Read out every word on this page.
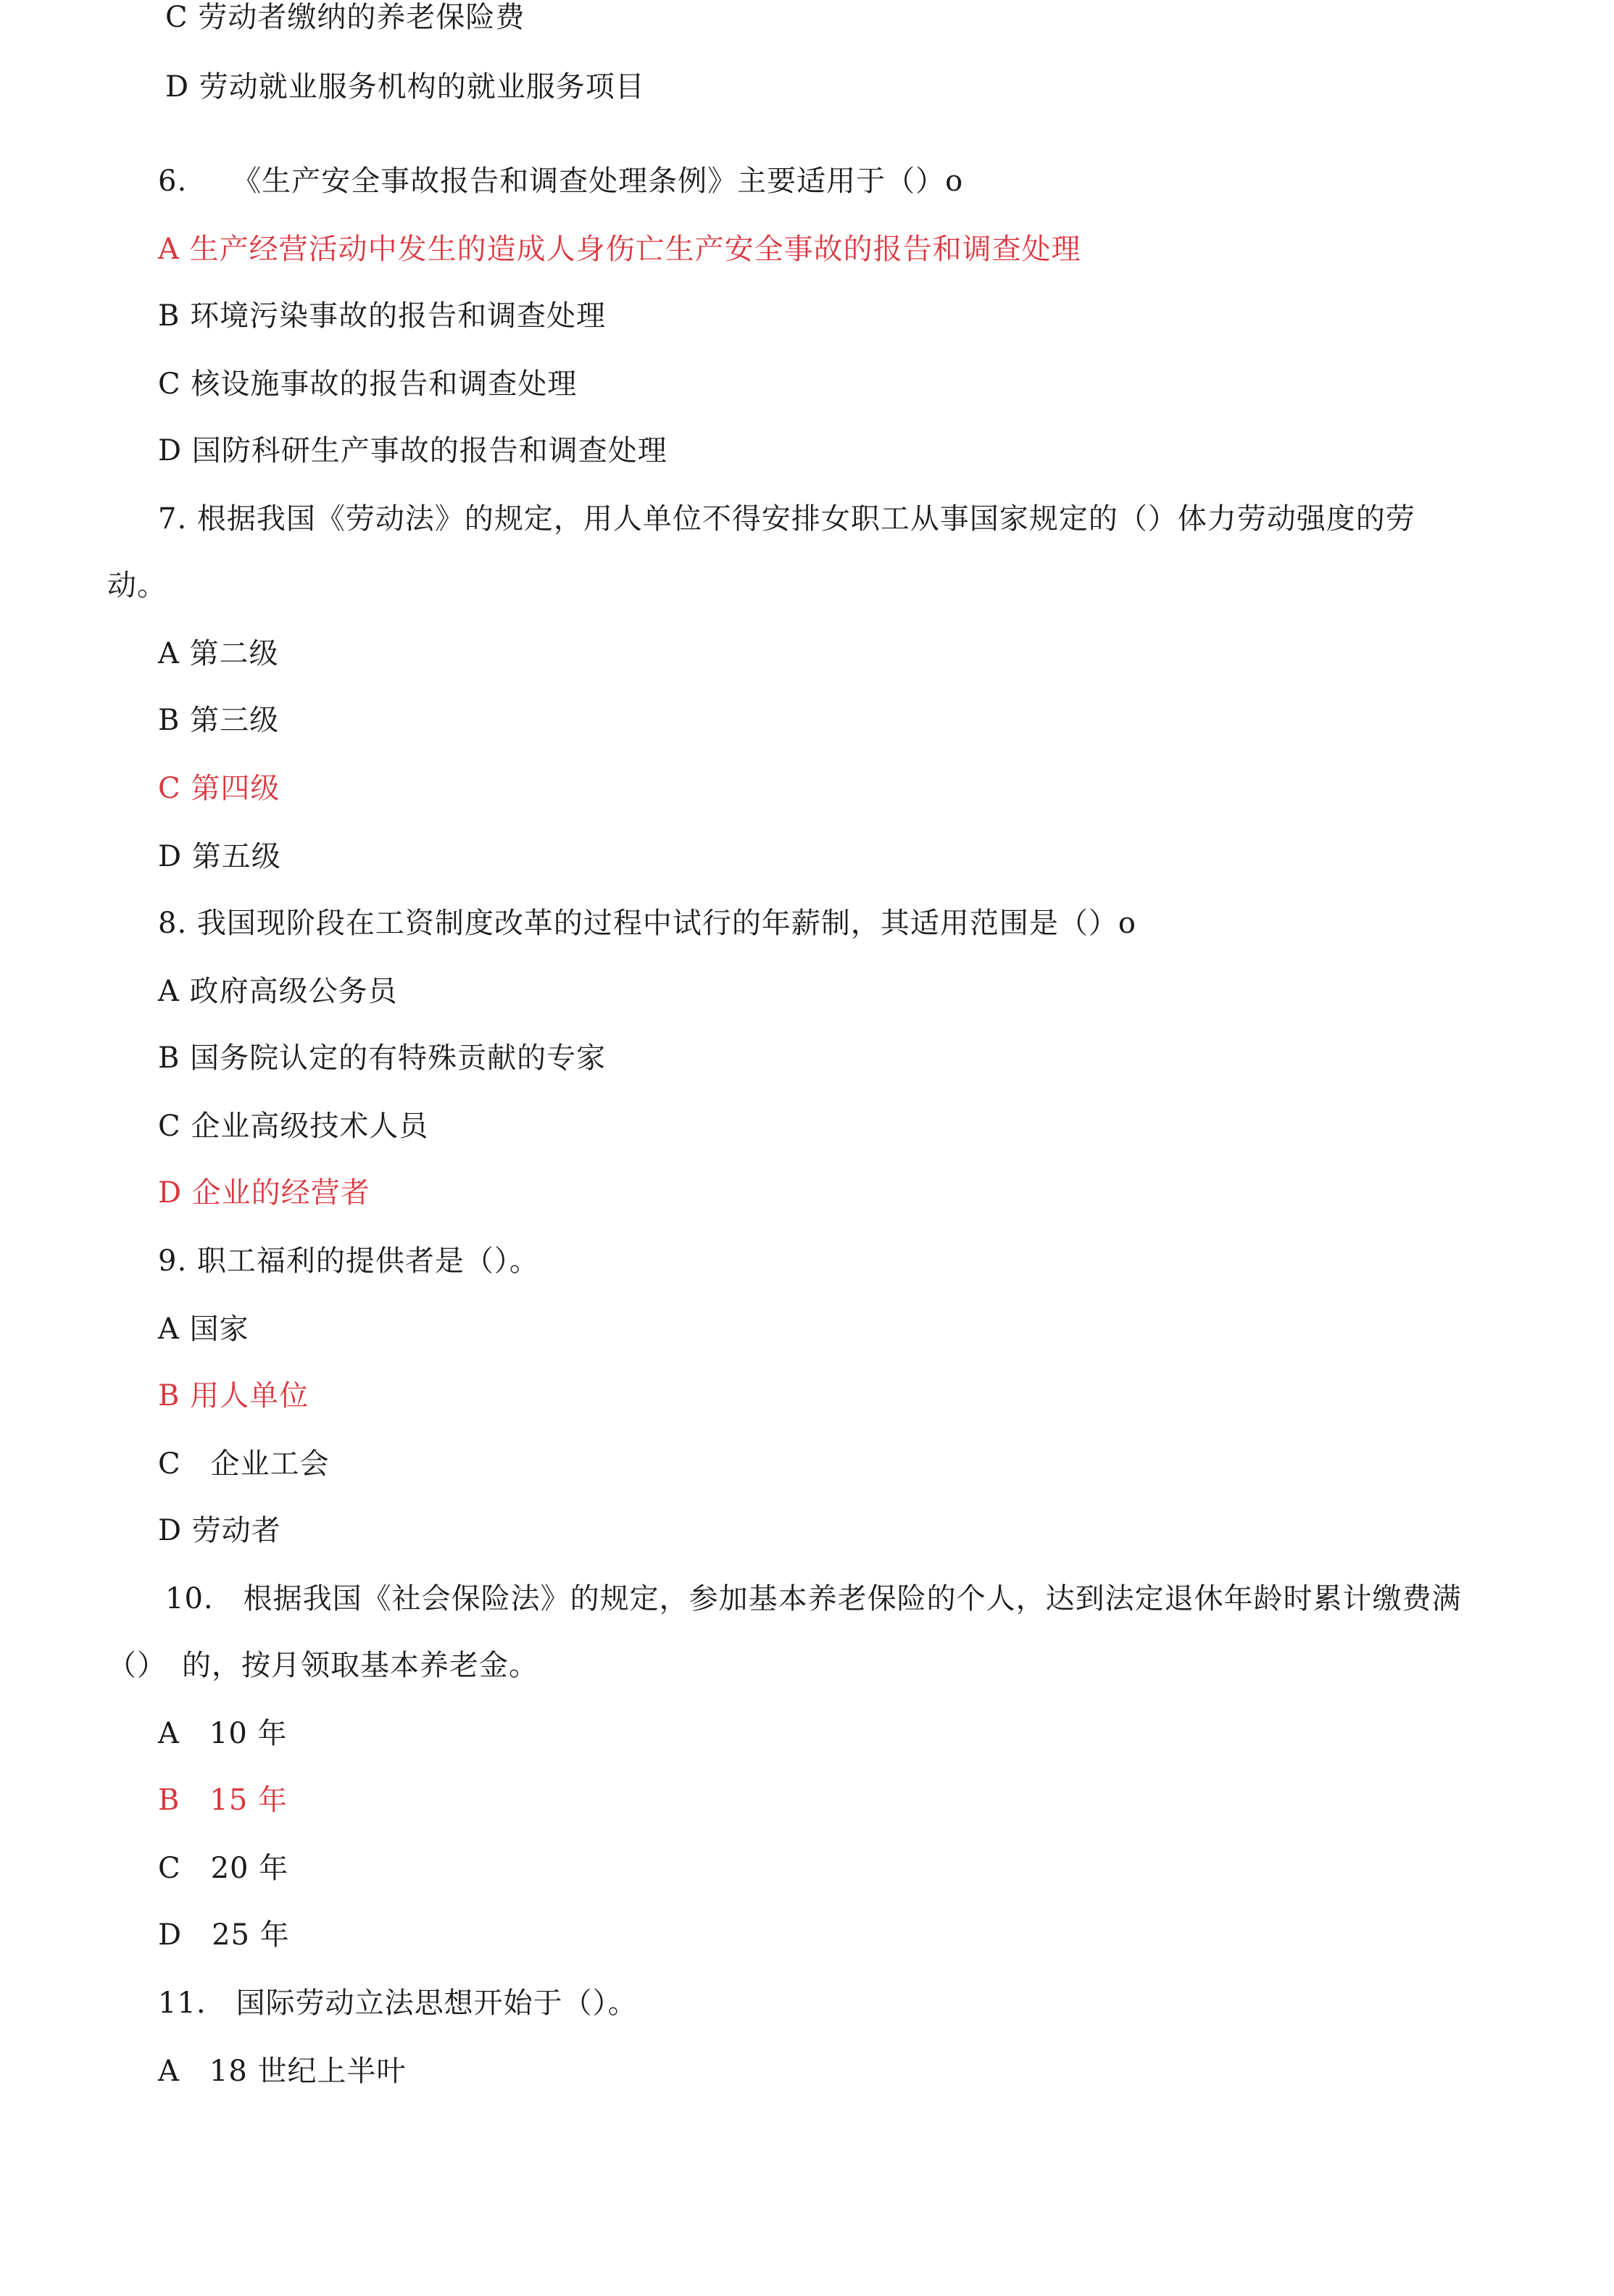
C 劳动者缴纳的养老保险费
D 劳动就业服务机构的就业服务项目
6.　　《生产安全事故报告和调查处理条例》主要适用于（）o
A 生产经营活动中发生的造成人身伤亡生产安全事故的报告和调查处理
B 环境污染事故的报告和调查处理
C 核设施事故的报告和调查处理
D 国防科研生产事故的报告和调查处理
7. 根据我国《劳动法》的规定，用人单位不得安排女职工从事国家规定的（）体力劳动强度的劳
动。
A 第二级
B 第三级
C 第四级
D 第五级
8. 我国现阶段在工资制度改革的过程中试行的年薪制，其适用范围是（）o
A 政府高级公务员
B 国务院认定的有特殊贡献的专家
C 企业高级技术人员
D 企业的经营者
9. 职工福利的提供者是（）。
A 国家
B 用人单位
C　企业工会
D 劳动者
10.　根据我国《社会保险法》的规定，参加基本养老保险的个人，达到法定退休年龄时累计缴费满
（）　的，按月领取基本养老金。
A　10 年
B　15 年
C　20 年
D　25 年
11.　国际劳动立法思想开始于（）。
A　18 世纪上半叶
